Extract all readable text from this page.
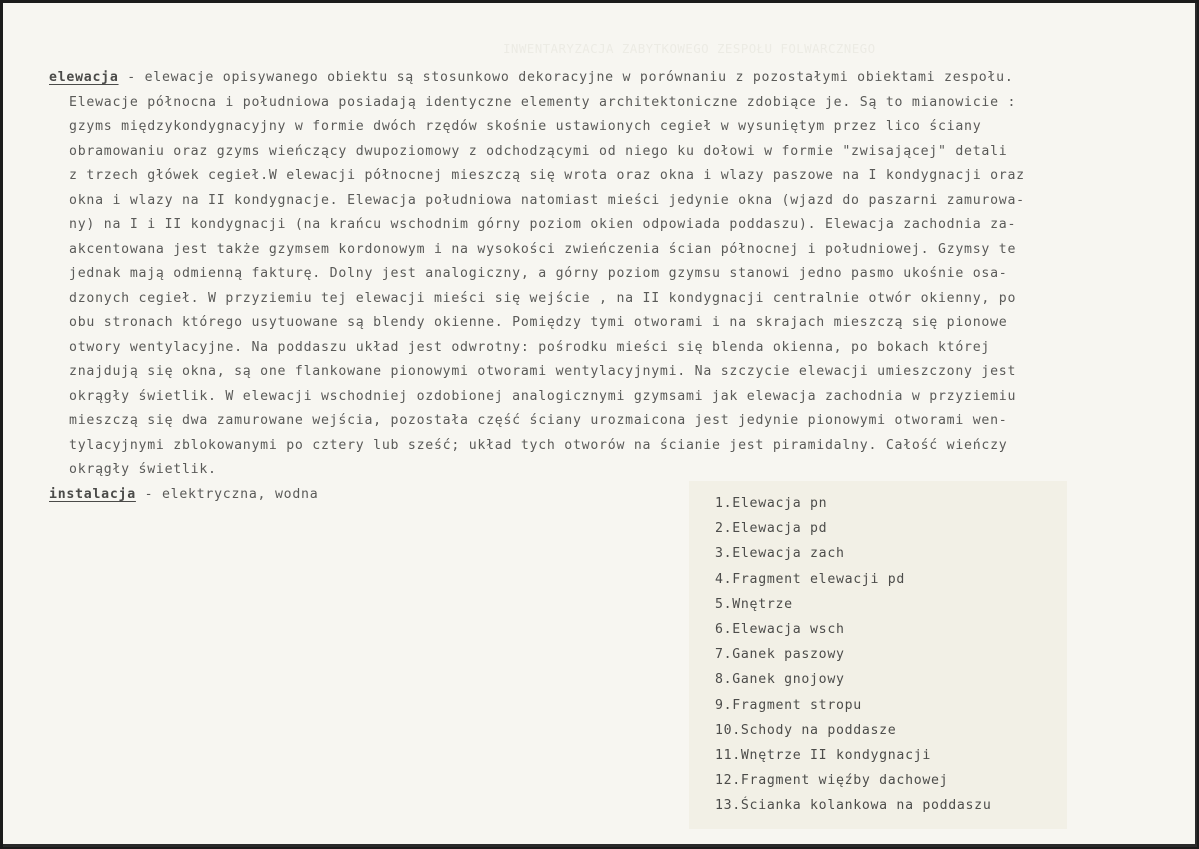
INWENTARYZACJA ZABYTKOWEGO ZESPOŁU FOLWARCZNEGO
elewacja - elewacje opisywanego obiektu są stosunkowo dekoracyjne w porównaniu z pozostałymi obiektami zespołu.
Elewacje północna i południowa posiadają identyczne elementy architektoniczne zdobiące je. Są to mianowicie :
gzyms międzykondygnacyjny w formie dwóch rzędów skośnie ustawionych cegieł w wysuniętym przez lico ściany
obramowaniu oraz gzyms wieńczący dwupoziomowy z odchodzącymi od niego ku dołowi w formie "zwisającej" detali
z trzech główek cegieł.W elewacji północnej mieszczą się wrota oraz okna i wlazy paszowe na I kondygnacji oraz
okna i wlazy na II kondygnacje. Elewacja południowa natomiast mieści jedynie okna (wjazd do paszarni zamurowa-
ny) na I i II kondygnacji (na krańcu wschodnim górny poziom okien odpowiada poddaszu). Elewacja zachodnia za-
akcentowana jest także gzymsem kordonowym i na wysokości zwieńczenia ścian północnej i południowej. Gzymsy te
jednak mają odmienną fakturę. Dolny jest analogiczny, a górny poziom gzymsu stanowi jedno pasmo ukośnie osa-
dzonych cegieł. W przyziemiu tej elewacji mieści się wejście , na II kondygnacji centralnie otwór okienny, po
obu stronach którego usytuowane są blendy okienne. Pomiędzy tymi otworami i na skrajach mieszczą się pionowe
otwory wentylacyjne. Na poddaszu układ jest odwrotny: pośrodku mieści się blenda okienna, po bokach której
znajdują się okna, są one flankowane pionowymi otworami wentylacyjnymi. Na szczycie elewacji umieszczony jest
okrągły świetlik. W elewacji wschodniej ozdobionej analogicznymi gzymsami jak elewacja zachodnia w przyziemiu
mieszczą się dwa zamurowane wejścia, pozostała część ściany urozmaicona jest jedynie pionowymi otworami wen-
tylacyjnymi zblokowanymi po cztery lub sześć; układ tych otworów na ścianie jest piramidalny. Całość wieńczy
okrągły świetlik.
instalacja - elektryczna, wodna
1.Elewacja pn
2.Elewacja pd
3.Elewacja zach
4.Fragment elewacji pd
5.Wnętrze
6.Elewacja wsch
7.Ganek paszowy
8.Ganek gnojowy
9.Fragment stropu
10.Schody na poddasze
11.Wnętrze II kondygnacji
12.Fragment więźby dachowej
13.Ścianka kolankowa na poddaszu
